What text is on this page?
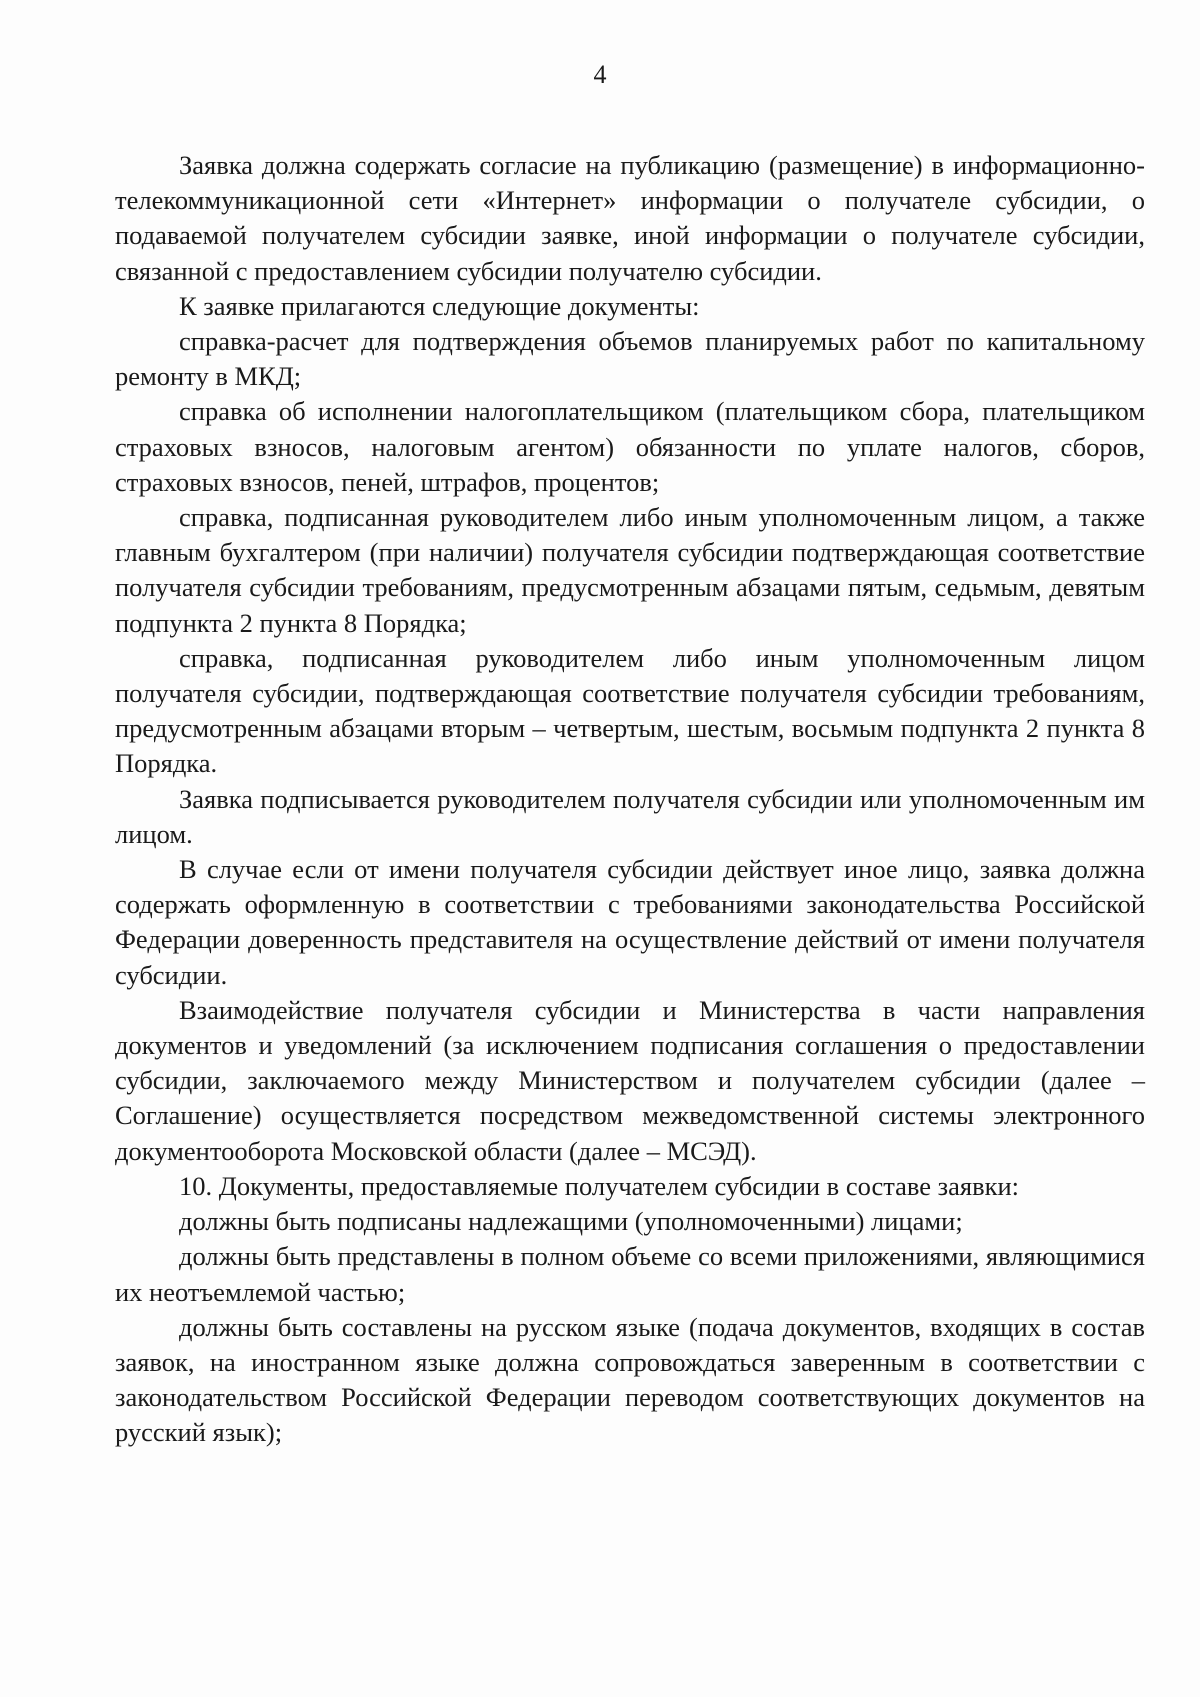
4

Заявка должна содержать согласие на публикацию (размещение) в информационно-телекоммуникационной сети «Интернет» информации о получателе субсидии, о подаваемой получателем субсидии заявке, иной информации о получателе субсидии, связанной с предоставлением субсидии получателю субсидии.

К заявке прилагаются следующие документы:

справка-расчет для подтверждения объемов планируемых работ по капитальному ремонту в МКД;

справка об исполнении налогоплательщиком (плательщиком сбора, плательщиком страховых взносов, налоговым агентом) обязанности по уплате налогов, сборов, страховых взносов, пеней, штрафов, процентов;

справка, подписанная руководителем либо иным уполномоченным лицом, а также главным бухгалтером (при наличии) получателя субсидии подтверждающая соответствие получателя субсидии требованиям, предусмотренным абзацами пятым, седьмым, девятым подпункта 2 пункта 8 Порядка;

справка, подписанная руководителем либо иным уполномоченным лицом получателя субсидии, подтверждающая соответствие получателя субсидии требованиям, предусмотренным абзацами вторым – четвертым, шестым, восьмым подпункта 2 пункта 8 Порядка.

Заявка подписывается руководителем получателя субсидии или уполномоченным им лицом.

В случае если от имени получателя субсидии действует иное лицо, заявка должна содержать оформленную в соответствии с требованиями законодательства Российской Федерации доверенность представителя на осуществление действий от имени получателя субсидии.

Взаимодействие получателя субсидии и Министерства в части направления документов и уведомлений (за исключением подписания соглашения о предоставлении субсидии, заключаемого между Министерством и получателем субсидии (далее – Соглашение) осуществляется посредством межведомственной системы электронного документооборота Московской области (далее – МСЭД).

10. Документы, предоставляемые получателем субсидии в составе заявки:

должны быть подписаны надлежащими (уполномоченными) лицами;

должны быть представлены в полном объеме со всеми приложениями, являющимися их неотъемлемой частью;

должны быть составлены на русском языке (подача документов, входящих в состав заявок, на иностранном языке должна сопровождаться заверенным в соответствии с законодательством Российской Федерации переводом соответствующих документов на русский язык);
